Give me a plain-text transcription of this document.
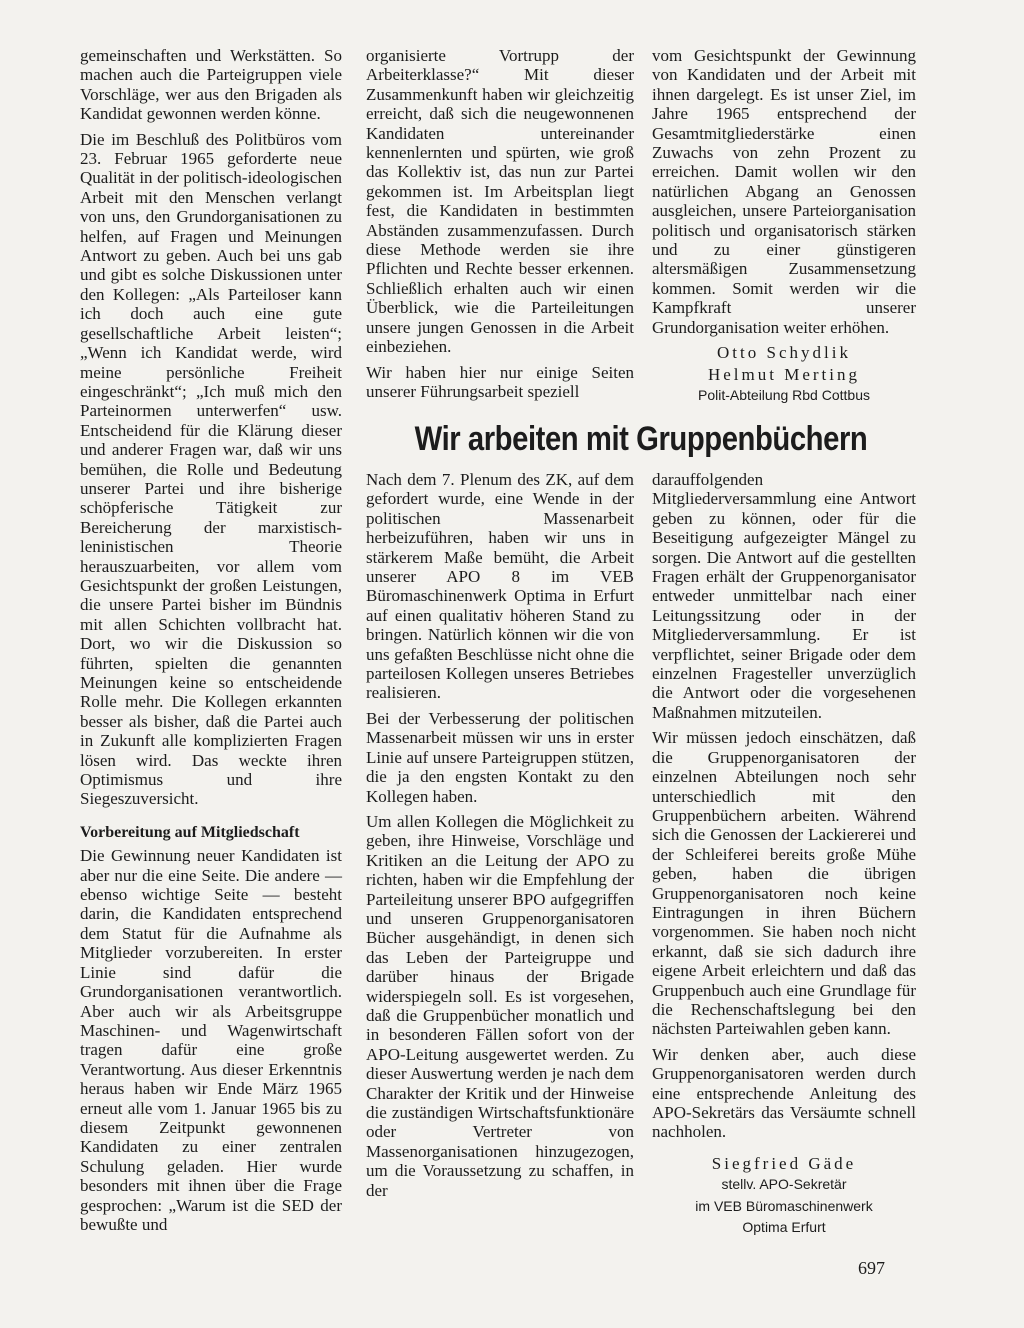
gemeinschaften und Werkstätten. So machen auch die Parteigruppen viele Vorschläge, wer aus den Brigaden als Kandidat gewonnen werden könne.

Die im Beschluß des Politbüros vom 23. Februar 1965 geforderte neue Qualität in der politisch-ideologischen Arbeit mit den Menschen verlangt von uns, den Grundorganisationen zu helfen, auf Fragen und Meinungen Antwort zu geben. Auch bei uns gab und gibt es solche Diskussionen unter den Kollegen: „Als Parteiloser kann ich doch auch eine gute gesellschaftliche Arbeit leisten“; „Wenn ich Kandidat werde, wird meine persönliche Freiheit eingeschränkt“; „Ich muß mich den Parteinormen unterwerfen“ usw. Entscheidend für die Klärung dieser und anderer Fragen war, daß wir uns bemühen, die Rolle und Bedeutung unserer Partei und ihre bisherige schöpferische Tätigkeit zur Bereicherung der marxistisch-leninistischen Theorie herauszuarbeiten, vor allem vom Gesichtspunkt der großen Leistungen, die unsere Partei bisher im Bündnis mit allen Schichten vollbracht hat. Dort, wo wir die Diskussion so führten, spielten die genannten Meinungen keine so entscheidende Rolle mehr. Die Kollegen erkannten besser als bisher, daß die Partei auch in Zukunft alle komplizierten Fragen lösen wird. Das weckte ihren Optimismus und ihre Siegeszuversicht.

Vorbereitung auf Mitgliedschaft

Die Gewinnung neuer Kandidaten ist aber nur die eine Seite. Die andere — ebenso wichtige Seite — besteht darin, die Kandidaten entsprechend dem Statut für die Aufnahme als Mitglieder vorzubereiten. In erster Linie sind dafür die Grundorganisationen verantwortlich. Aber auch wir als Arbeitsgruppe Maschinen- und Wagenwirtschaft tragen dafür eine große Verantwortung. Aus dieser Erkenntnis heraus haben wir Ende März 1965 erneut alle vom 1. Januar 1965 bis zu diesem Zeitpunkt gewonnenen Kandidaten zu einer zentralen Schulung geladen. Hier wurde besonders mit ihnen über die Frage gesprochen: „Warum ist die SED der bewußte und

organisierte Vortrupp der Arbeiterklasse?“ Mit dieser Zusammenkunft haben wir gleichzeitig erreicht, daß sich die neugewonnenen Kandidaten untereinander kennenlernten und spürten, wie groß das Kollektiv ist, das nun zur Partei gekommen ist. Im Arbeitsplan liegt fest, die Kandidaten in bestimmten Abständen zusammenzufassen. Durch diese Methode werden sie ihre Pflichten und Rechte besser erkennen. Schließlich erhalten auch wir einen Überblick, wie die Parteileitungen unsere jungen Genossen in die Arbeit einbeziehen.

Wir haben hier nur einige Seiten unserer Führungsarbeit speziell

vom Gesichtspunkt der Gewinnung von Kandidaten und der Arbeit mit ihnen dargelegt. Es ist unser Ziel, im Jahre 1965 entsprechend der Gesamtmitgliederstärke einen Zuwachs von zehn Prozent zu erreichen. Damit wollen wir den natürlichen Abgang an Genossen ausgleichen, unsere Parteiorganisation politisch und organisatorisch stärken und zu einer günstigeren altersmäßigen Zusammensetzung kommen. Somit werden wir die Kampfkraft unserer Grundorganisation weiter erhöhen.

Otto Schydlik
Helmut Merting
Polit-Abteilung Rbd Cottbus
Wir arbeiten mit Gruppenbüchern

Nach dem 7. Plenum des ZK, auf dem gefordert wurde, eine Wende in der politischen Massenarbeit herbeizuführen, haben wir uns in stärkerem Maße bemüht, die Arbeit unserer APO 8 im VEB Büromaschinenwerk Optima in Erfurt auf einen qualitativ höheren Stand zu bringen. Natürlich können wir die von uns gefaßten Beschlüsse nicht ohne die parteilosen Kollegen unseres Betriebes realisieren.

Bei der Verbesserung der politischen Massenarbeit müssen wir uns in erster Linie auf unsere Parteigruppen stützen, die ja den engsten Kontakt zu den Kollegen haben.

Um allen Kollegen die Möglichkeit zu geben, ihre Hinweise, Vorschläge und Kritiken an die Leitung der APO zu richten, haben wir die Empfehlung der Parteileitung unserer BPO aufgegriffen und unseren Gruppenorganisatoren Bücher ausgehändigt, in denen sich das Leben der Parteigruppe und darüber hinaus der Brigade widerspiegeln soll. Es ist vorgesehen, daß die Gruppenbücher monatlich und in besonderen Fällen sofort von der APO-Leitung ausgewertet werden. Zu dieser Auswertung werden je nach dem Charakter der Kritik und der Hinweise die zuständigen Wirtschaftsfunktionäre oder Vertreter von Massenorganisationen hinzugezogen, um die Voraussetzung zu schaffen, in der

darauffolgenden Mitgliederversammlung eine Antwort geben zu können, oder für die Beseitigung aufgezeigter Mängel zu sorgen. Die Antwort auf die gestellten Fragen erhält der Gruppenorganisator entweder unmittelbar nach einer Leitungssitzung oder in der Mitgliederversammlung. Er ist verpflichtet, seiner Brigade oder dem einzelnen Fragesteller unverzüglich die Antwort oder die vorgesehenen Maßnahmen mitzuteilen.

Wir müssen jedoch einschätzen, daß die Gruppenorganisatoren der einzelnen Abteilungen noch sehr unterschiedlich mit den Gruppenbüchern arbeiten. Während sich die Genossen der Lackiererei und der Schleiferei bereits große Mühe geben, haben die übrigen Gruppenorganisatoren noch keine Eintragungen in ihren Büchern vorgenommen. Sie haben noch nicht erkannt, daß sie sich dadurch ihre eigene Arbeit erleichtern und daß das Gruppenbuch auch eine Grundlage für die Rechenschaftslegung bei den nächsten Parteiwahlen geben kann.

Wir denken aber, auch diese Gruppenorganisatoren werden durch eine entsprechende Anleitung des APO-Sekretärs das Versäumte schnell nachholen.

Siegfried Gäde
stellv. APO-Sekretär
im VEB Büromaschinenwerk
Optima Erfurt
697
